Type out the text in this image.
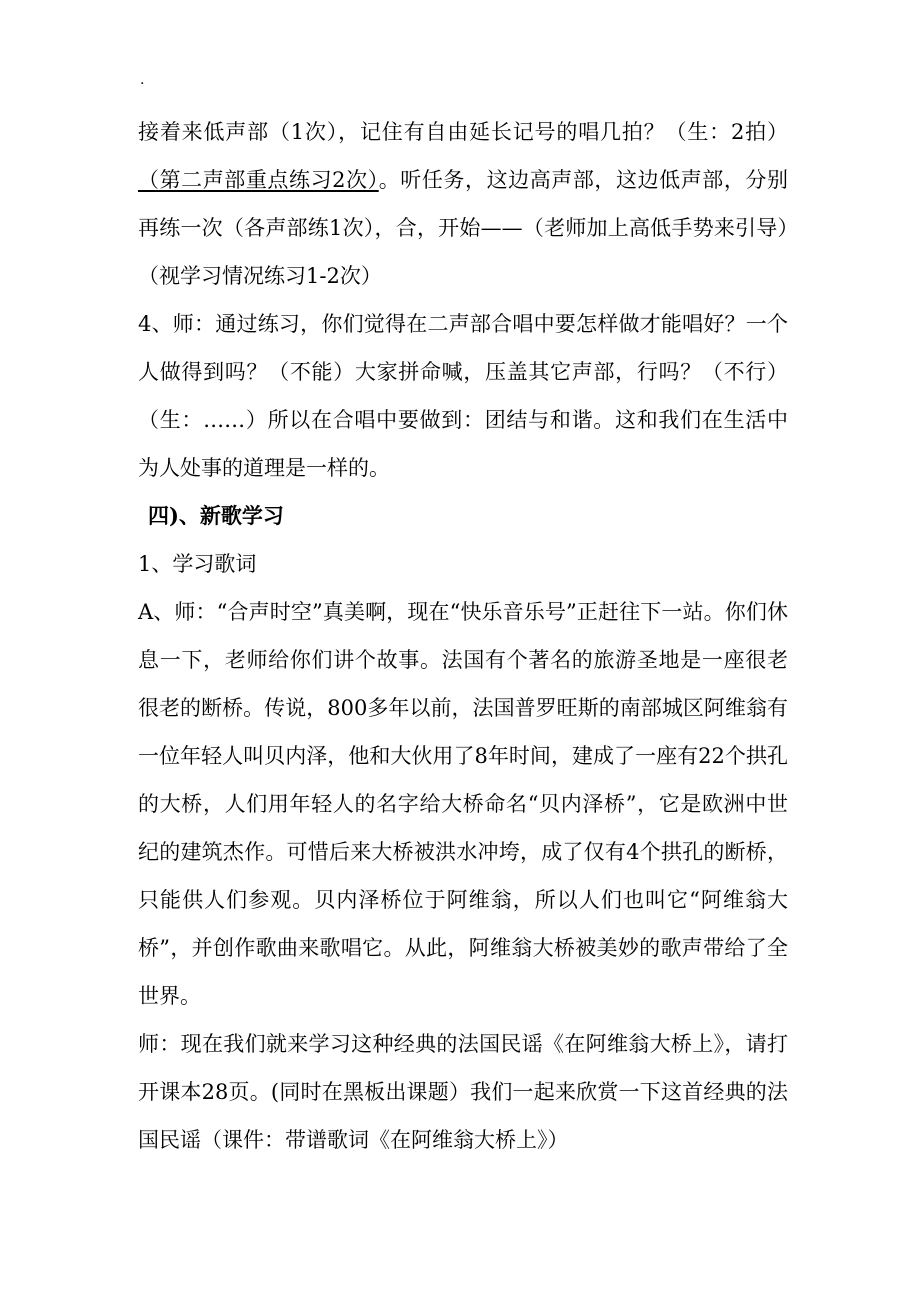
.

接着来低声部（1次），记住有自由延长记号的唱几拍？（生：2拍）（第二声部重点练习2次）。听任务，这边高声部，这边低声部，分别再练一次（各声部练1次），合，开始——（老师加上高低手势来引导）（视学习情况练习1-2次）

4、师：通过练习，你们觉得在二声部合唱中要怎样做才能唱好？一个人做得到吗？（不能）大家拼命喊，压盖其它声部，行吗？（不行）（生：……）所以在合唱中要做到：团结与和谐。这和我们在生活中为人处事的道理是一样的。

四)、新歌学习

1、学习歌词

A、师：“合声时空”真美啊，现在“快乐音乐号”正赶往下一站。你们休息一下，老师给你们讲个故事。法国有个著名的旅游圣地是一座很老很老的断桥。传说，800多年以前，法国普罗旺斯的南部城区阿维翁有一位年轻人叫贝内泽，他和大伙用了8年时间，建成了一座有22个拱孔的大桥，人们用年轻人的名字给大桥命名“贝内泽桥”，它是欧洲中世纪的建筑杰作。可惜后来大桥被洪水冲垮，成了仅有4个拱孔的断桥，只能供人们参观。贝内泽桥位于阿维翁，所以人们也叫它“阿维翁大桥”，并创作歌曲来歌唱它。从此，阿维翁大桥被美妙的歌声带给了全世界。

师：现在我们就来学习这种经典的法国民谣《在阿维翁大桥上》，请打开课本28页。(同时在黑板出课题）我们一起来欣赏一下这首经典的法国民谣（课件：带谱歌词《在阿维翁大桥上》）
